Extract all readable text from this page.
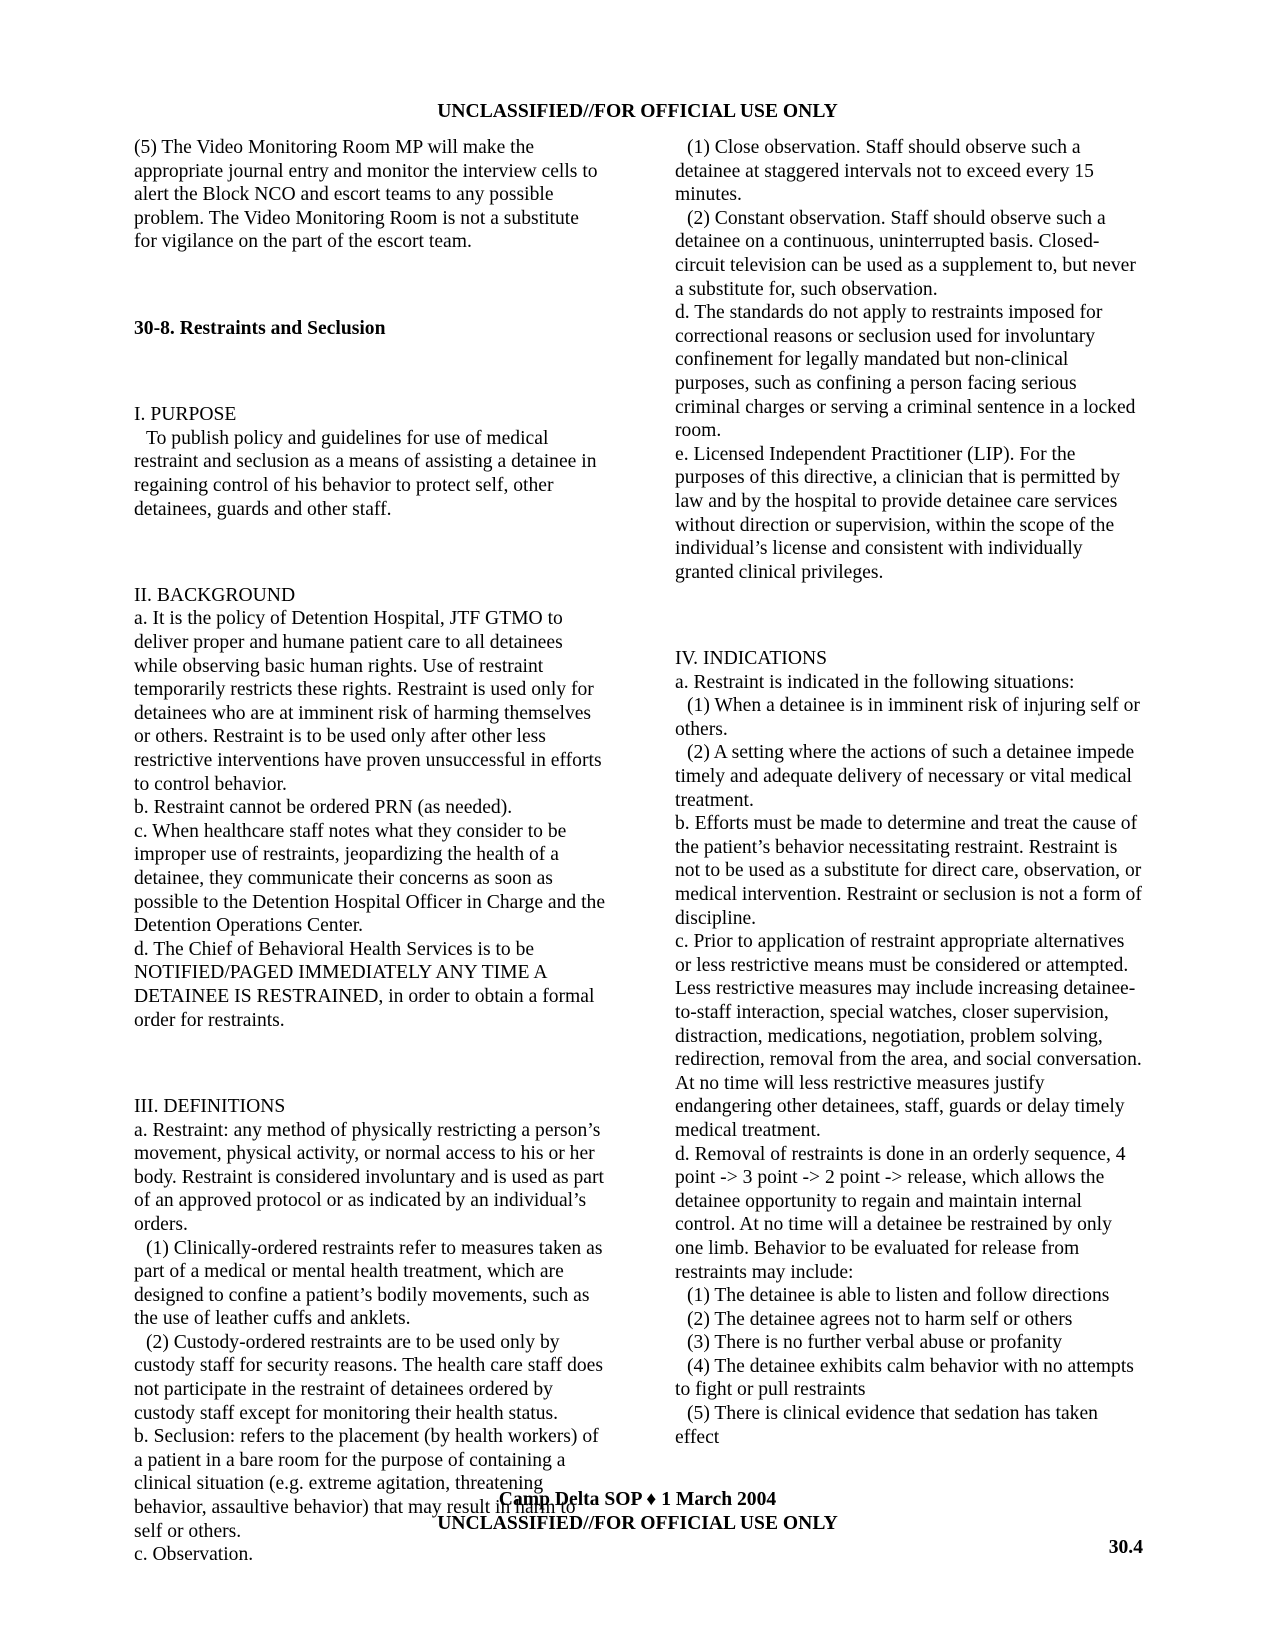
UNCLASSIFIED//FOR OFFICIAL USE ONLY

(5) The Video Monitoring Room MP will make the appropriate journal entry and monitor the interview cells to alert the Block NCO and escort teams to any possible problem. The Video Monitoring Room is not a substitute for vigilance on the part of the escort team.

30-8. Restraints and Seclusion

I. PURPOSE

To publish policy and guidelines for use of medical restraint and seclusion as a means of assisting a detainee in regaining control of his behavior to protect self, other detainees, guards and other staff.

II. BACKGROUND

a. It is the policy of Detention Hospital, JTF GTMO to deliver proper and humane patient care to all detainees while observing basic human rights. Use of restraint temporarily restricts these rights. Restraint is used only for detainees who are at imminent risk of harming themselves or others. Restraint is to be used only after other less restrictive interventions have proven unsuccessful in efforts to control behavior.

b. Restraint cannot be ordered PRN (as needed).

c. When healthcare staff notes what they consider to be improper use of restraints, jeopardizing the health of a detainee, they communicate their concerns as soon as possible to the Detention Hospital Officer in Charge and the Detention Operations Center.

d. The Chief of Behavioral Health Services is to be NOTIFIED/PAGED IMMEDIATELY ANY TIME A DETAINEE IS RESTRAINED, in order to obtain a formal order for restraints.

III. DEFINITIONS

a. Restraint: any method of physically restricting a person’s movement, physical activity, or normal access to his or her body. Restraint is considered involuntary and is used as part of an approved protocol or as indicated by an individual’s orders.

(1) Clinically-ordered restraints refer to measures taken as part of a medical or mental health treatment, which are designed to confine a patient’s bodily movements, such as the use of leather cuffs and anklets.

(2) Custody-ordered restraints are to be used only by custody staff for security reasons. The health care staff does not participate in the restraint of detainees ordered by custody staff except for monitoring their health status.

b. Seclusion: refers to the placement (by health workers) of a patient in a bare room for the purpose of containing a clinical situation (e.g. extreme agitation, threatening behavior, assaultive behavior) that may result in harm to self or others.

c. Observation.

(1) Close observation. Staff should observe such a detainee at staggered intervals not to exceed every 15 minutes.

(2) Constant observation. Staff should observe such a detainee on a continuous, uninterrupted basis. Closed-circuit television can be used as a supplement to, but never a substitute for, such observation.

d. The standards do not apply to restraints imposed for correctional reasons or seclusion used for involuntary confinement for legally mandated but non-clinical purposes, such as confining a person facing serious criminal charges or serving a criminal sentence in a locked room.

e. Licensed Independent Practitioner (LIP). For the purposes of this directive, a clinician that is permitted by law and by the hospital to provide detainee care services without direction or supervision, within the scope of the individual’s license and consistent with individually granted clinical privileges.

IV. INDICATIONS

a. Restraint is indicated in the following situations:

(1) When a detainee is in imminent risk of injuring self or others.

(2) A setting where the actions of such a detainee impede timely and adequate delivery of necessary or vital medical treatment.

b. Efforts must be made to determine and treat the cause of the patient’s behavior necessitating restraint. Restraint is not to be used as a substitute for direct care, observation, or medical intervention. Restraint or seclusion is not a form of discipline.

c. Prior to application of restraint appropriate alternatives or less restrictive means must be considered or attempted. Less restrictive measures may include increasing detainee-to-staff interaction, special watches, closer supervision, distraction, medications, negotiation, problem solving, redirection, removal from the area, and social conversation. At no time will less restrictive measures justify endangering other detainees, staff, guards or delay timely medical treatment.

d. Removal of restraints is done in an orderly sequence, 4 point -> 3 point -> 2 point -> release, which allows the detainee opportunity to regain and maintain internal control. At no time will a detainee be restrained by only one limb. Behavior to be evaluated for release from restraints may include:

(1) The detainee is able to listen and follow directions

(2) The detainee agrees not to harm self or others

(3) There is no further verbal abuse or profanity

(4) The detainee exhibits calm behavior with no attempts to fight or pull restraints

(5) There is clinical evidence that sedation has taken effect

Camp Delta SOP ♦ 1 March 2004
UNCLASSIFIED//FOR OFFICIAL USE ONLY
30.4
